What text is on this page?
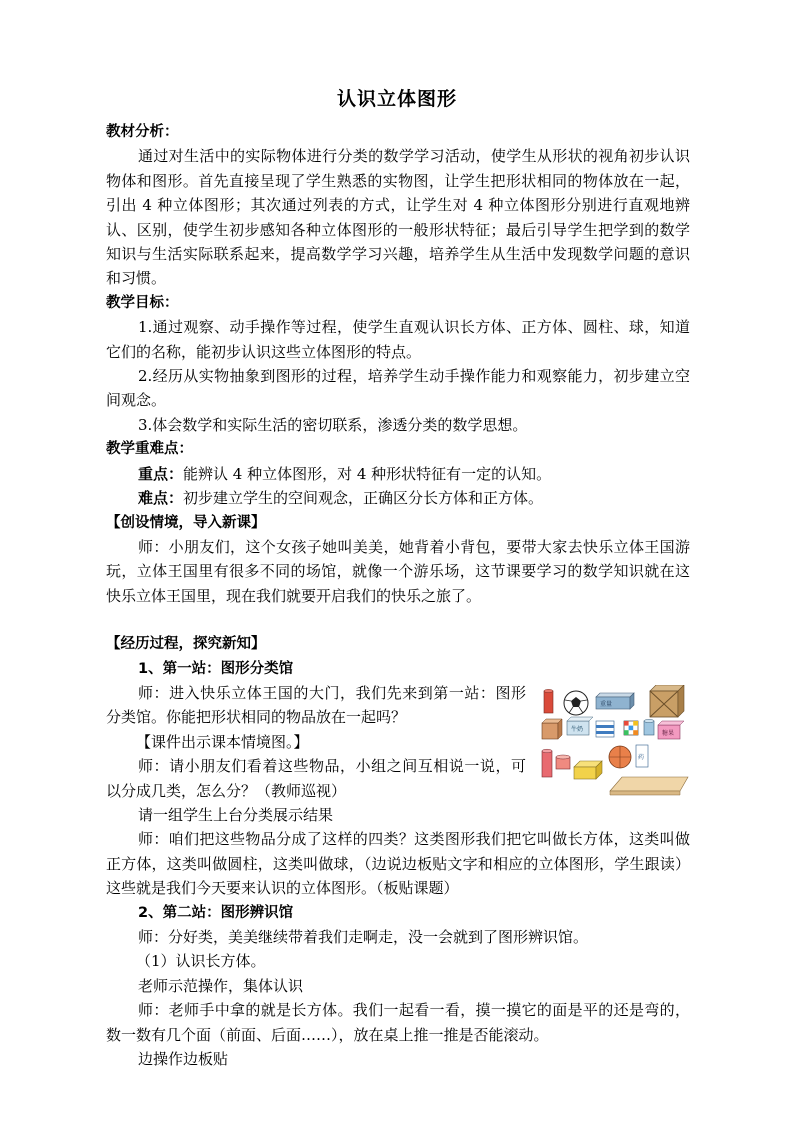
认识立体图形

教材分析：

通过对生活中的实际物体进行分类的数学学习活动，使学生从形状的视角初步认识物体和图形。首先直接呈现了学生熟悉的实物图，让学生把形状相同的物体放在一起，引出 4 种立体图形；其次通过列表的方式，让学生对 4 种立体图形分别进行直观地辨认、区别，使学生初步感知各种立体图形的一般形状特征；最后引导学生把学到的数学知识与生活实际联系起来，提高数学学习兴趣，培养学生从生活中发现数学问题的意识和习惯。

教学目标：

1.通过观察、动手操作等过程，使学生直观认识长方体、正方体、圆柱、球，知道它们的名称，能初步认识这些立体图形的特点。

2.经历从实物抽象到图形的过程，培养学生动手操作能力和观察能力，初步建立空间观念。

3.体会数学和实际生活的密切联系，渗透分类的数学思想。

教学重难点：

重点：能辨认 4 种立体图形，对 4 种形状特征有一定的认知。

难点：初步建立学生的空间观念，正确区分长方体和正方体。

【创设情境，导入新课】

师：小朋友们，这个女孩子她叫美美，她背着小背包，要带大家去快乐立体王国游玩，立体王国里有很多不同的场馆，就像一个游乐场，这节课要学习的数学知识就在这快乐立体王国里，现在我们就要开启我们的快乐之旅了。

【经历过程，探究新知】

1、第一站：图形分类馆

重量
牛奶
糖果
药

师：进入快乐立体王国的大门，我们先来到第一站：图形分类馆。你能把形状相同的物品放在一起吗？

【课件出示课本情境图。】

师：请小朋友们看着这些物品，小组之间互相说一说，可以分成几类，怎么分？（教师巡视）

请一组学生上台分类展示结果

师：咱们把这些物品分成了这样的四类？这类图形我们把它叫做长方体，这类叫做正方体，这类叫做圆柱，这类叫做球，（边说边板贴文字和相应的立体图形，学生跟读）这些就是我们今天要来认识的立体图形。（板贴课题）

2、第二站：图形辨识馆

师：分好类，美美继续带着我们走啊走，没一会就到了图形辨识馆。

（1）认识长方体。

老师示范操作，集体认识

师：老师手中拿的就是长方体。我们一起看一看，摸一摸它的面是平的还是弯的，数一数有几个面（前面、后面……），放在桌上推一推是否能滚动。

边操作边板贴
